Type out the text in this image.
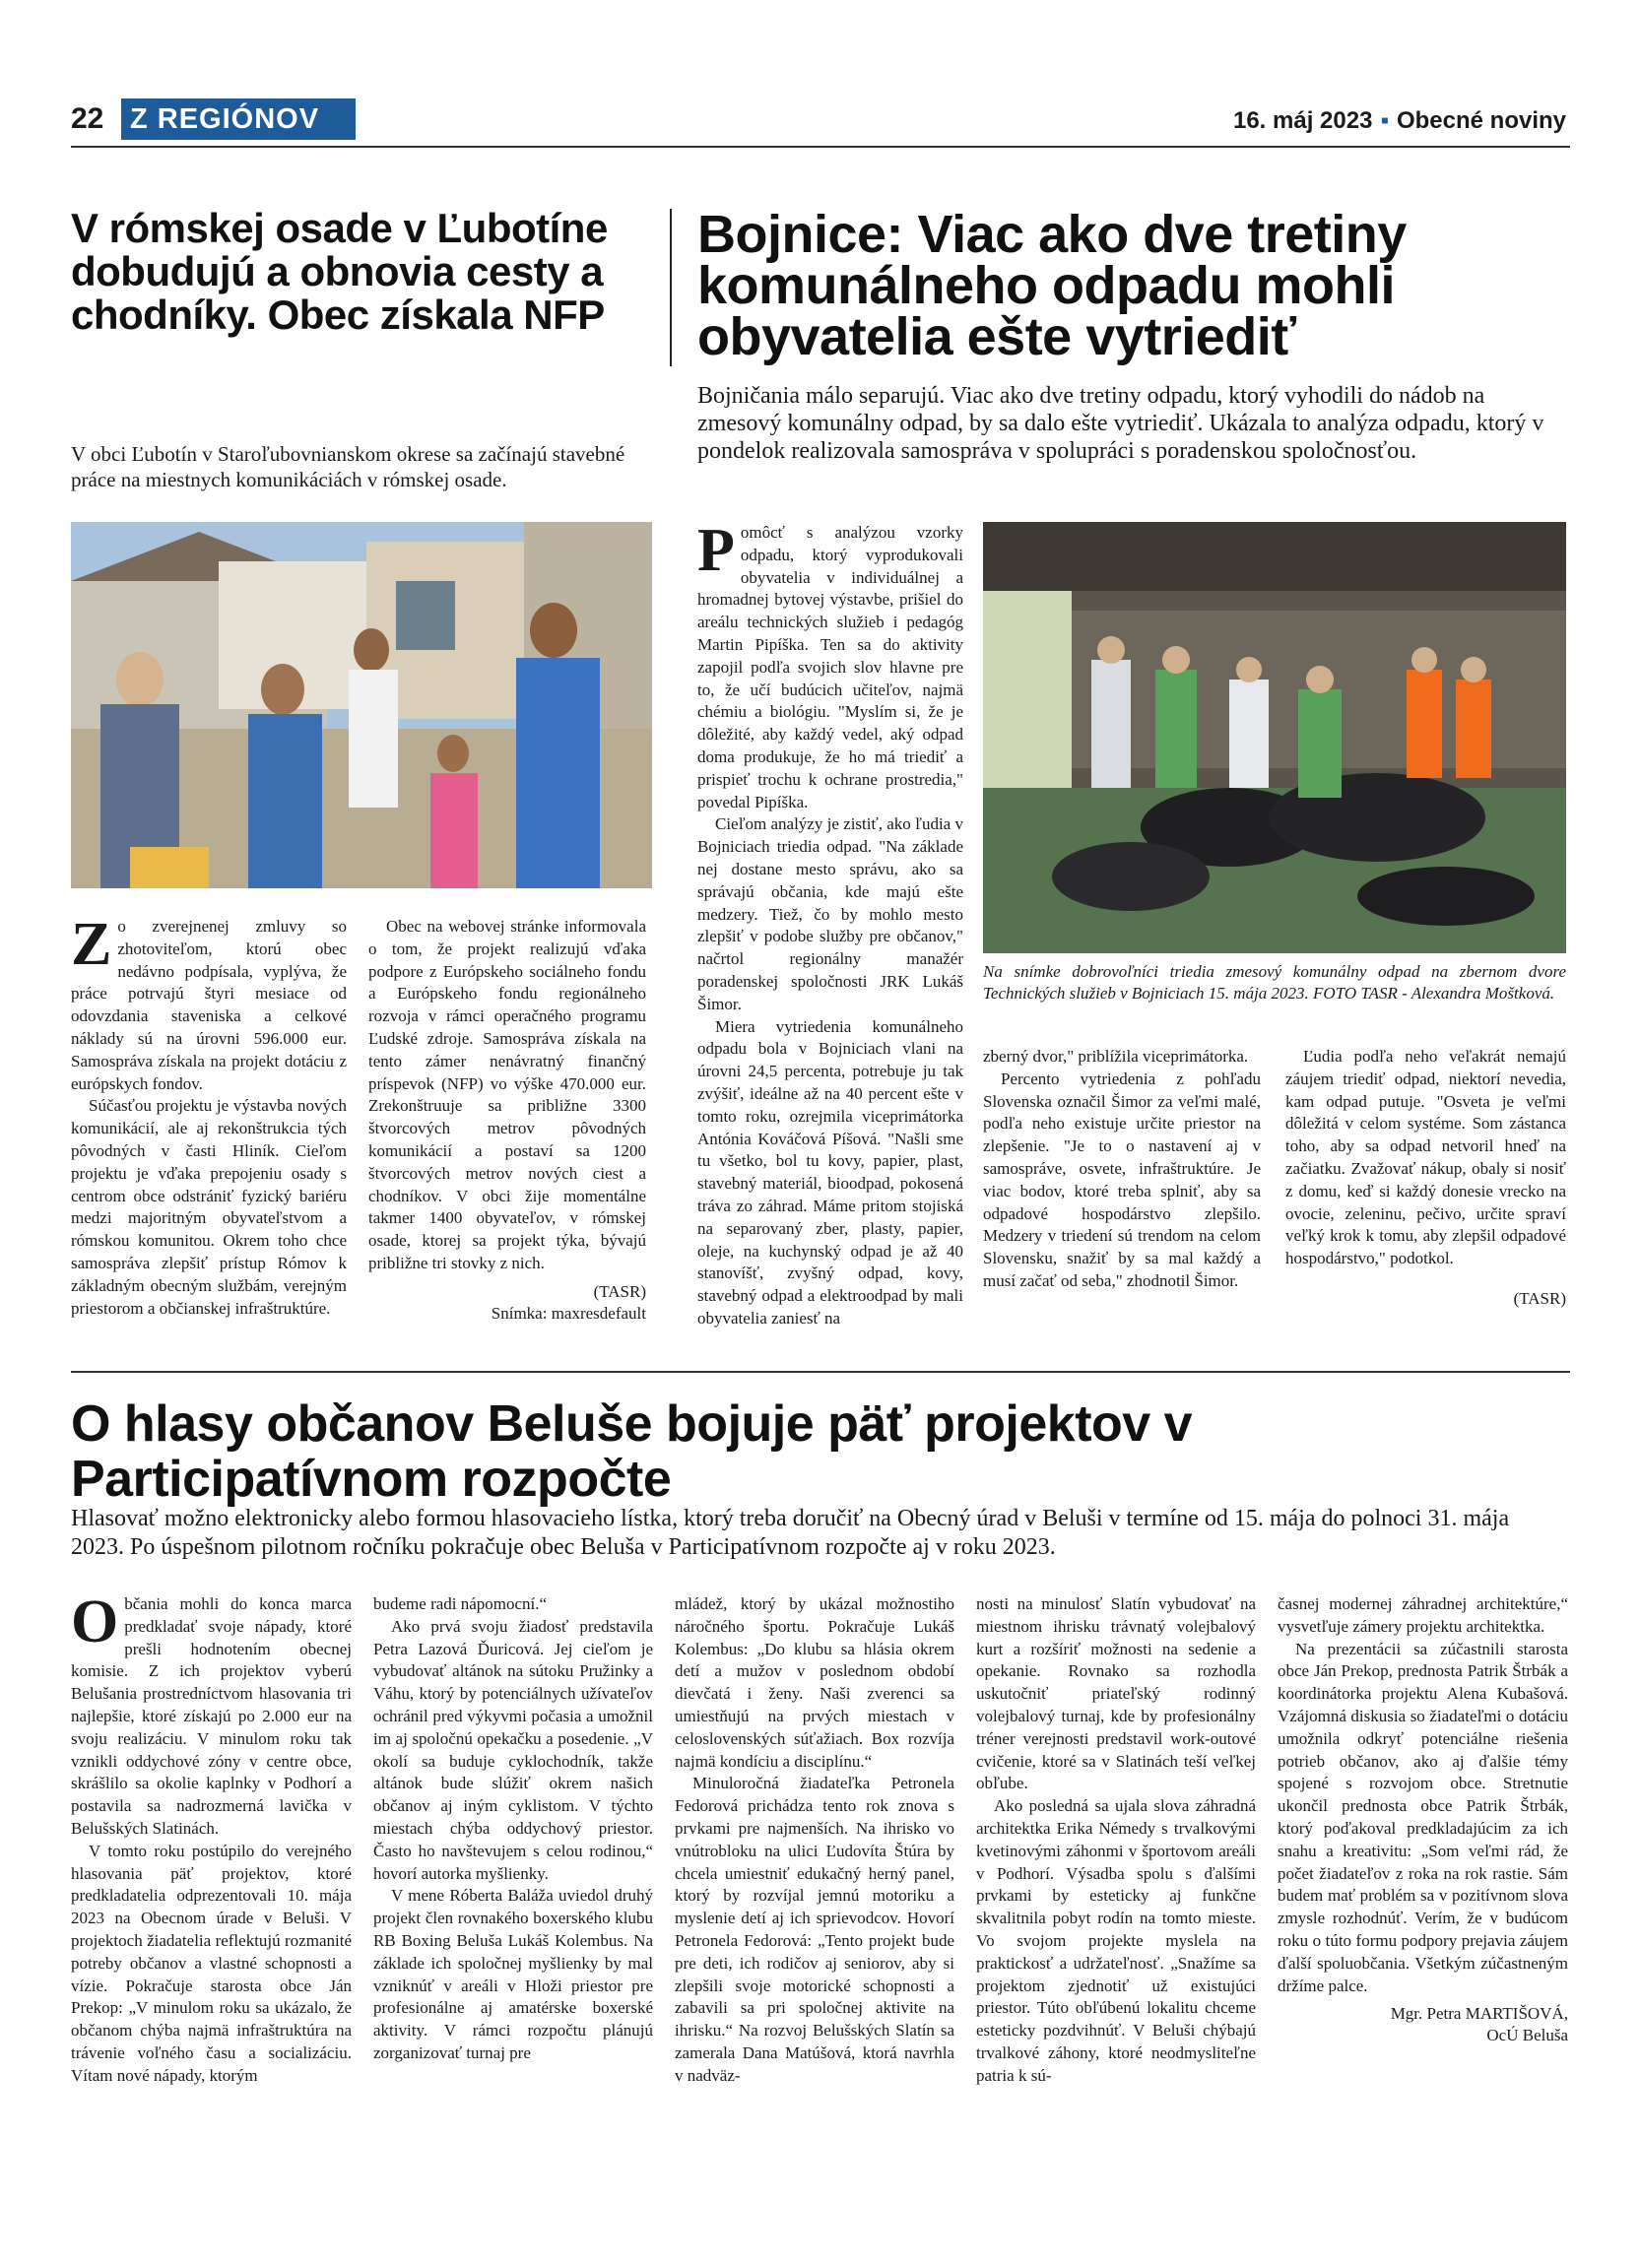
22 Z REGIÓNOV	16. máj 2023 ▪ Obecné noviny
V rómskej osade v Ľubotíne dobudujú a obnovia cesty a chodníky. Obec získala NFP
V obci Ľubotín v Staroľubovnianskom okrese sa začínajú stavebné práce na miestnych komunikáciách v rómskej osade.

Zo zverejnenej zmluvy so zhotoviteľom, ktorú obec nedávno podpísala, vyplýva, že práce potrvajú štyri mesiace od odovzdania staveniska a celkové náklady sú na úrovni 596.000 eur. Samospráva získala na projekt dotáciu z európskych fondov.

Súčasťou projektu je výstavba nových komunikácií, ale aj rekonštrukcia tých pôvodných v časti Hliník. Cieľom projektu je vďaka prepojeniu osady s centrom obce odstrániť fyzický bariéru medzi majoritným obyvateľstvom a rómskou komunitou. Okrem toho chce samospráva zlepšiť prístup Rómov k základným obecným službám, verejným priestorom a občianskej infraštruktúre.

Obec na webovej stránke informovala o tom, že projekt realizujú vďaka podpore z Európskeho sociálneho fondu a Európskeho fondu regionálneho rozvoja v rámci operačného programu Ľudské zdroje. Samospráva získala na tento zámer nenávratný finančný príspevok (NFP) vo výške 470.000 eur. Zrekonštruuje sa približne 3300 štvorcových metrov pôvodných komunikácií a postaví sa 1200 štvorcových metrov nových ciest a chodníkov. V obci žije momentálne takmer 1400 obyvateľov, v rómskej osade, ktorej sa projekt týka, bývajú približne tri stovky z nich.

(TASR)
Snímka: maxresdefault
Bojnice: Viac ako dve tretiny komunálneho odpadu mohli obyvatelia ešte vytriediť
Bojničania málo separujú. Viac ako dve tretiny odpadu, ktorý vyhodili do nádob na zmesový komunálny odpad, by sa dalo ešte vytriediť. Ukázala to analýza odpadu, ktorý v pondelok realizovala samospráva v spolupráci s poradenskou spoločnosťou.

Pomôcť s analýzou vzorky odpadu, ktorý vyprodukovali obyvatelia v individuálnej a hromadnej bytovej výstavbe, prišiel do areálu technických služieb i pedagóg Martin Pipíška. Ten sa do aktivity zapojil podľa svojich slov hlavne pre to, že učí budúcich učiteľov, najmä chémiu a biológiu. "Myslím si, že je dôležité, aby každý vedel, aký odpad doma produkuje, že ho má triediť a prispieť trochu k ochrane prostredia," povedal Pipíška.

Cieľom analýzy je zistiť, ako ľudia v Bojniciach triedia odpad. "Na základe nej dostane mesto správu, ako sa správajú občania, kde majú ešte medzery. Tiež, čo by mohlo mesto zlepšiť v podobe služby pre občanov," načrtol regionálny manažér poradenskej spoločnosti JRK Lukáš Šimor.

Miera vytriedenia komunálneho odpadu bola v Bojniciach vlani na úrovni 24,5 percenta, potrebuje ju tak zvýšiť, ideálne až na 40 percent ešte v tomto roku, ozrejmila viceprimátorka Antónia Kováčová Píšová. "Našli sme tu všetko, bol tu kovy, papier, plast, stavebný materiál, bioodpad, pokosená tráva zo záhrad. Máme pritom stojiská na separovaný zber, plasty, papier, oleje, na kuchynský odpad je až 40 stanovíšť, zvyšný odpad, kovy, stavebný odpad a elektroodpad by mali obyvatelia zaniesť na

Na snímke dobrovoľníci triedia zmesový komunálny odpad na zbernom dvore Technických služieb v Bojniciach 15. mája 2023. FOTO TASR - Alexandra Moštková.

zberný dvor," priblížila viceprimátorka.

Percento vytriedenia z pohľadu Slovenska označil Šimor za veľmi malé, podľa neho existuje určite priestor na zlepšenie. "Je to o nastavení aj v samospráve, osvete, infraštruktúre. Je viac bodov, ktoré treba splniť, aby sa odpadové hospodárstvo zlepšilo. Medzery v triedení sú trendom na celom Slovensku, snažiť by sa mal každý a musí začať od seba," zhodnotil Šimor.

Ľudia podľa neho veľakrát nemajú záujem triediť odpad, niektorí nevedia, kam odpad putuje. "Osveta je veľmi dôležitá v celom systéme. Som zástanca toho, aby sa odpad netvoril hneď na začiatku. Zvažovať nákup, obaly si nosiť z domu, keď si každý donesie vrecko na ovocie, zeleninu, pečivo, určite spraví veľký krok k tomu, aby zlepšil odpadové hospodárstvo," podotkol.

(TASR)
O hlasy občanov Beluše bojuje päť projektov v Participatívnom rozpočte
Hlasovať možno elektronicky alebo formou hlasovacieho lístka, ktorý treba doručiť na Obecný úrad v Beluši v termíne od 15. mája do polnoci 31. mája 2023. Po úspešnom pilotnom ročníku pokračuje obec Beluša v Participatívnom rozpočte aj v roku 2023.

Občania mohli do konca marca predkladať svoje nápady, ktoré prešli hodnotením obecnej komisie. Z ich projektov vyberú Belušania prostredníctvom hlasovania tri najlepšie, ktoré získajú po 2.000 eur na svoju realizáciu. V minulom roku tak vznikli oddychové zóny v centre obce, skrášlilo sa okolie kaplnky v Podhorí a postavila sa nadrozmerná lavička v Belušských Slatinách.

V tomto roku postúpilo do verejného hlasovania päť projektov, ktoré predkladatelia odprezentovali 10. mája 2023 na Obecnom úrade v Beluši. V projektoch žiadatelia reflektujú rozmanité potreby občanov a vlastné schopnosti a vízie. Pokračuje starosta obce Ján Prekop: „V minulom roku sa ukázalo, že občanom chýba najmä infraštruktúra na trávenie voľného času a socializáciu. Vítam nové nápady, ktorým

budeme radi nápomocní.“

Ako prvá svoju žiadosť predstavila Petra Lazová Ďuricová. Jej cieľom je vybudovať altánok na sútoku Pružinky a Váhu, ktorý by potenciálnych užívateľov ochránil pred výkyvmi počasia a umožnil im aj spoločnú opekačku a posedenie. „V okolí sa buduje cyklochodník, takže altánok bude slúžiť okrem našich občanov aj iným cyklistom. V týchto miestach chýba oddychový priestor. Často ho navštevujem s celou rodinou,“ hovorí autorka myšlienky.

V mene Róberta Baláža uviedol druhý projekt člen rovnakého boxerského klubu RB Boxing Beluša Lukáš Kolembus. Na základe ich spoločnej myšlienky by mal vzniknúť v areáli v Hloži priestor pre profesionálne aj amatérske boxerské aktivity. V rámci rozpočtu plánujú zorganizovať turnaj pre

mládež, ktorý by ukázal možnostiho náročného športu. Pokračuje Lukáš Kolembus: „Do klubu sa hlásia okrem detí a mužov v poslednom období dievčatá i ženy. Naši zverenci sa umiestňujú na prvých miestach v celoslovenských súťažiach. Box rozvíja najmä kondíciu a disciplínu.“

Minuloročná žiadateľka Petronela Fedorová prichádza tento rok znova s prvkami pre najmenších. Na ihrisko vo vnútrobloku na ulici Ľudovíta Štúra by chcela umiestniť edukačný herný panel, ktorý by rozvíjal jemnú motoriku a myslenie detí aj ich sprievodcov. Hovorí Petronela Fedorová: „Tento projekt bude pre deti, ich rodičov aj seniorov, aby si zlepšili svoje motorické schopnosti a zabavili sa pri spoločnej aktivite na ihrisku.“ Na rozvoj Belušských Slatín sa zamerala Dana Matúšová, ktorá navrhla v nadväz-

nosti na minulosť Slatín vybudovať na miestnom ihrisku trávnatý volejbalový kurt a rozšíriť možnosti na sedenie a opekanie. Rovnako sa rozhodla uskutočniť priateľský rodinný volejbalový turnaj, kde by profesionálny tréner verejnosti predstavil work-outové cvičenie, ktoré sa v Slatinách teší veľkej obľube.

Ako posledná sa ujala slova záhradná architektka Erika Némedy s trvalkovými kvetinovými záhonmi v športovom areáli v Podhorí. Výsadba spolu s ďalšími prvkami by esteticky aj funkčne skvalitnila pobyt rodín na tomto mieste. Vo svojom projekte myslela na praktickosť a udržateľnosť. „Snažíme sa projektom zjednotiť už existujúci priestor. Túto obľúbenú lokalitu chceme esteticky pozdvihnúť. V Beluši chýbajú trvalkové záhony, ktoré neodmysliteľne patria k sú-

časnej modernej záhradnej architektúre,“ vysvetľuje zámery projektu architektka.

Na prezentácii sa zúčastnili starosta obce Ján Prekop, prednosta Patrik Štrbák a koordinátorka projektu Alena Kubašová. Vzájomná diskusia so žiadateľmi o dotáciu umožnila odkryť potenciálne riešenia potrieb občanov, ako aj ďalšie témy spojené s rozvojom obce. Stretnutie ukončil prednosta obce Patrik Štrbák, ktorý poďakoval predkladajúcim za ich snahu a kreativitu: „Som veľmi rád, že počet žiadateľov z roka na rok rastie. Sám budem mať problém sa v pozitívnom slova zmysle rozhodnúť. Verím, že v budúcom roku o túto formu podpory prejavia záujem ďalší spoluobčania. Všetkým zúčastneným držíme palce.

Mgr. Petra MARTIŠOVÁ,
OcÚ Beluša
